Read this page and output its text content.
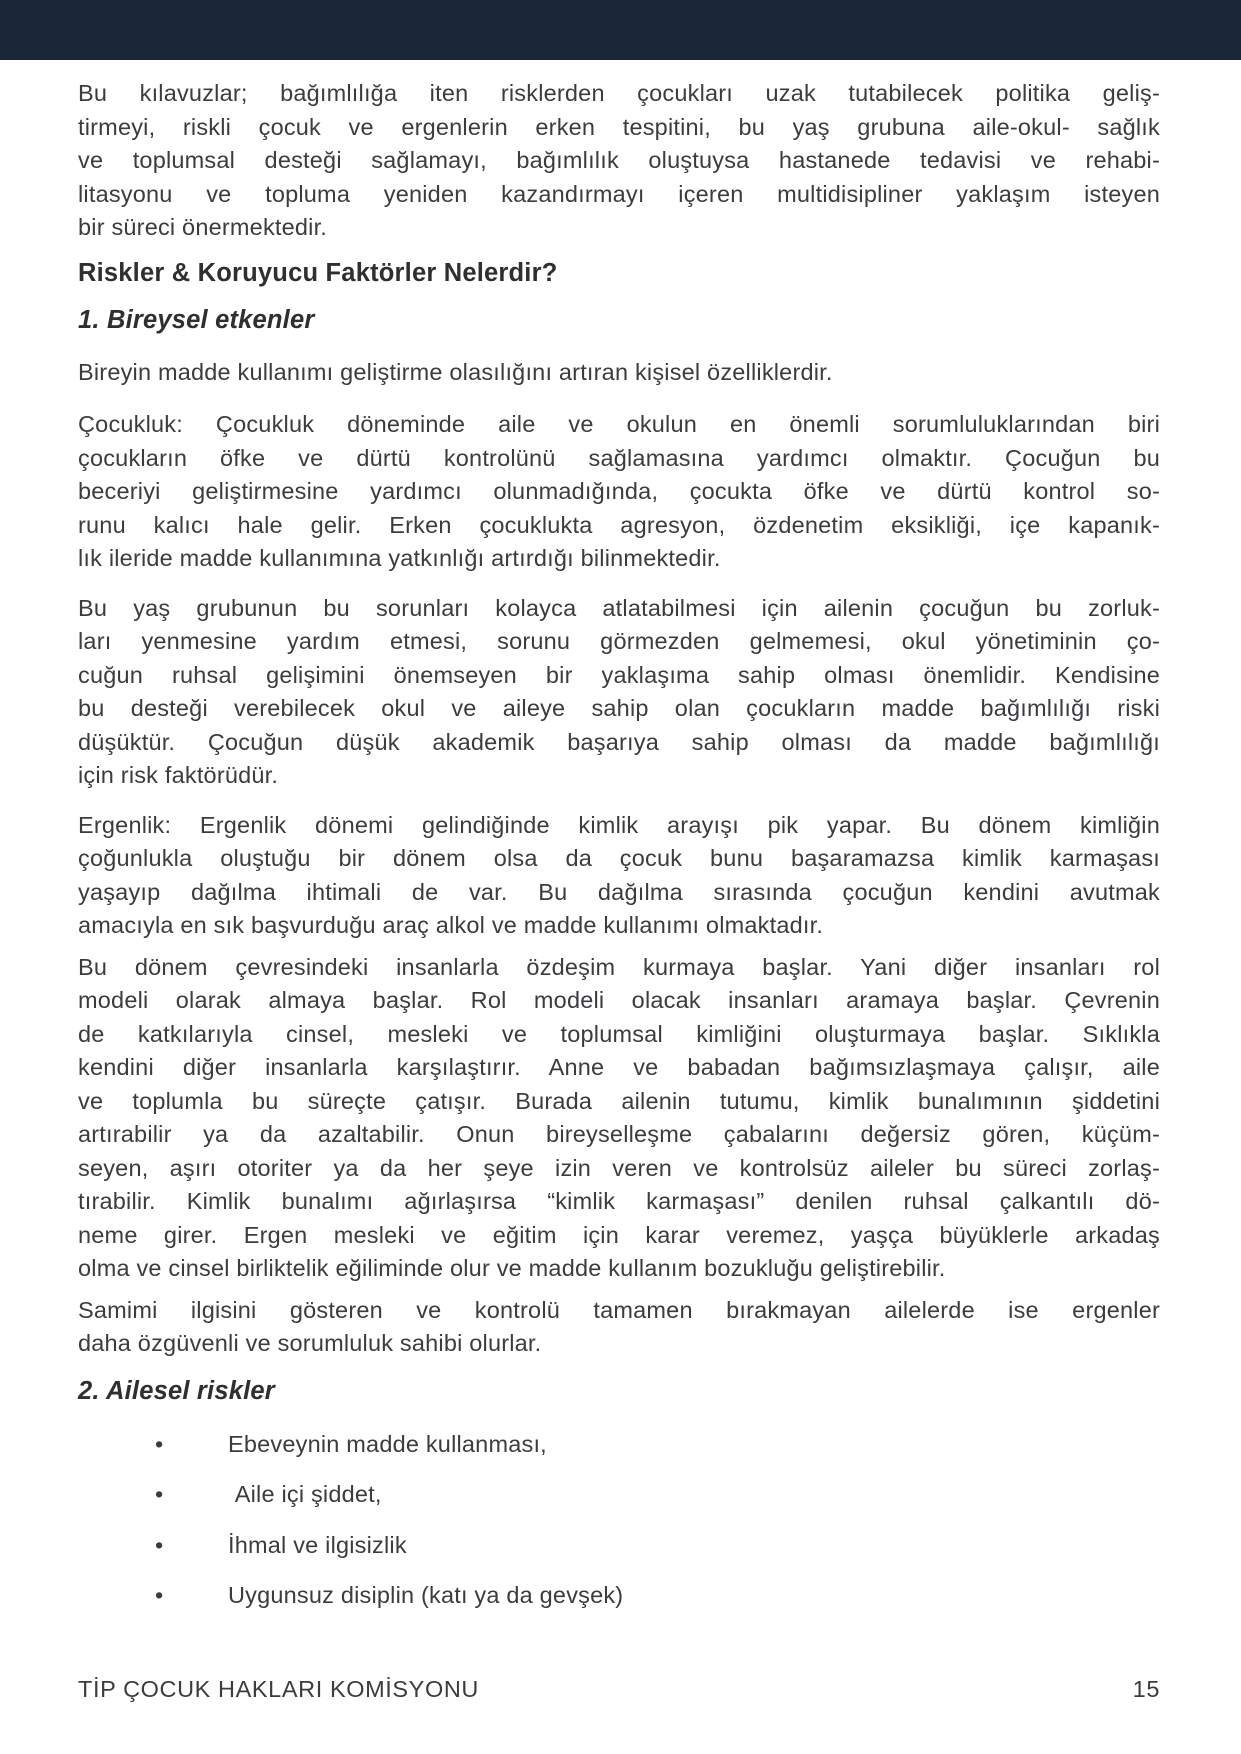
Bu kılavuzlar; bağımlılığa iten risklerden çocukları uzak tutabilecek politika geliş-
tirmeyi, riskli çocuk ve ergenlerin erken tespitini, bu yaş grubuna aile-okul- sağlık
ve toplumsal desteği sağlamayı, bağımlılık oluştuysa hastanede tedavisi ve rehabi-
litasyonu ve topluma yeniden kazandırmayı içeren multidisipliner yaklaşım isteyen
bir süreci önermektedir.
Riskler & Koruyucu Faktörler Nelerdir?
1. Bireysel etkenler
Bireyin madde kullanımı geliştirme olasılığını artıran kişisel özelliklerdir.
Çocukluk: Çocukluk döneminde aile ve okulun en önemli sorumluluklarından biri
çocukların öfke ve dürtü kontrolünü sağlamasına yardımcı olmaktır. Çocuğun bu
beceriyi geliştirmesine yardımcı olunmadığında, çocukta öfke ve dürtü kontrol so-
runu kalıcı hale gelir. Erken çocuklukta agresyon, özdenetim eksikliği, içe kapanık-
lık ileride madde kullanımına yatkınlığı artırdığı bilinmektedir.
Bu yaş grubunun bu sorunları kolayca atlatabilmesi için ailenin çocuğun bu zorluk-
ları yenmesine yardım etmesi, sorunu görmezden gelmemesi, okul yönetiminin ço-
cuğun ruhsal gelişimini önemseyen bir yaklaşıma sahip olması önemlidir. Kendisine
bu desteği verebilecek okul ve aileye sahip olan çocukların madde bağımlılığı riski
düşüktür. Çocuğun düşük akademik başarıya sahip olması da madde bağımlılığı
için risk faktörüdür.
Ergenlik: Ergenlik dönemi gelindiğinde kimlik arayışı pik yapar. Bu dönem kimliğin
çoğunlukla oluştuğu bir dönem olsa da çocuk bunu başaramazsa kimlik karmaşası
yaşayıp dağılma ihtimali de var. Bu dağılma sırasında çocuğun kendini avutmak
amacıyla en sık başvurduğu araç alkol ve madde kullanımı olmaktadır.
Bu dönem çevresindeki insanlarla özdeşim kurmaya başlar. Yani diğer insanları rol
modeli olarak almaya başlar. Rol modeli olacak insanları aramaya başlar. Çevrenin
de katkılarıyla cinsel, mesleki ve toplumsal kimliğini oluşturmaya başlar. Sıklıkla
kendini diğer insanlarla karşılaştırır. Anne ve babadan bağımsızlaşmaya çalışır, aile
ve toplumla bu süreçte çatışır. Burada ailenin tutumu, kimlik bunalımının şiddetini
artırabilir ya da azaltabilir. Onun bireyselleşme çabalarını değersiz gören, küçüm-
seyen, aşırı otoriter ya da her şeye izin veren ve kontrolsüz aileler bu süreci zorlaş-
tırabilir. Kimlik bunalımı ağırlaşırsa “kimlik karmaşası” denilen ruhsal çalkantılı dö-
neme girer. Ergen mesleki ve eğitim için karar veremez, yaşça büyüklerle arkadaş
olma ve cinsel birliktelik eğiliminde olur ve madde kullanım bozukluğu geliştirebilir.
Samimi ilgisini gösteren ve kontrolü tamamen bırakmayan ailelerde ise ergenler
daha özgüvenli ve sorumluluk sahibi olurlar.
2. Ailesel riskler
•	Ebeveynin madde kullanması,
•	Aile içi şiddet,
•	İhmal ve ilgisizlik
•	Uygunsuz disiplin (katı ya da gevşek)
TİP ÇOCUK HAKLARI KOMİSYONU	15
